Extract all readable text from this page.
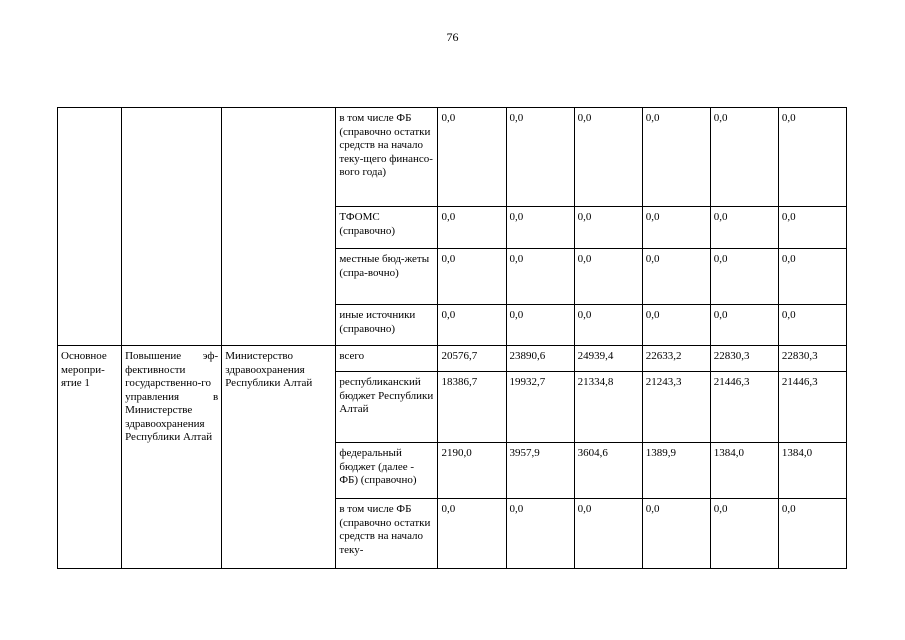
76
			в том числе ФБ (справочно остатки средств на начало теку-щего финансо-вого года)	0,0	0,0	0,0	0,0	0,0	0,0
			ТФОМС (справочно)	0,0	0,0	0,0	0,0	0,0	0,0
			местные бюд-жеты (спра-вочно)	0,0	0,0	0,0	0,0	0,0	0,0
			иные источники (справочно)	0,0	0,0	0,0	0,0	0,0	0,0
Основное меропри-ятие 1	Повышение эф-фективности государственно-го управления в Министерстве здравоохранения Республики Алтай	Министерство здравоохранения Республики Алтай	всего	20576,7	23890,6	24939,4	22633,2	22830,3	22830,3
			республиканский бюджет Республики Алтай	18386,7	19932,7	21334,8	21243,3	21446,3	21446,3
			федеральный бюджет (далее - ФБ) (справочно)	2190,0	3957,9	3604,6	1389,9	1384,0	1384,0
			в том числе ФБ (справочно остатки средств на начало теку-	0,0	0,0	0,0	0,0	0,0	0,0
